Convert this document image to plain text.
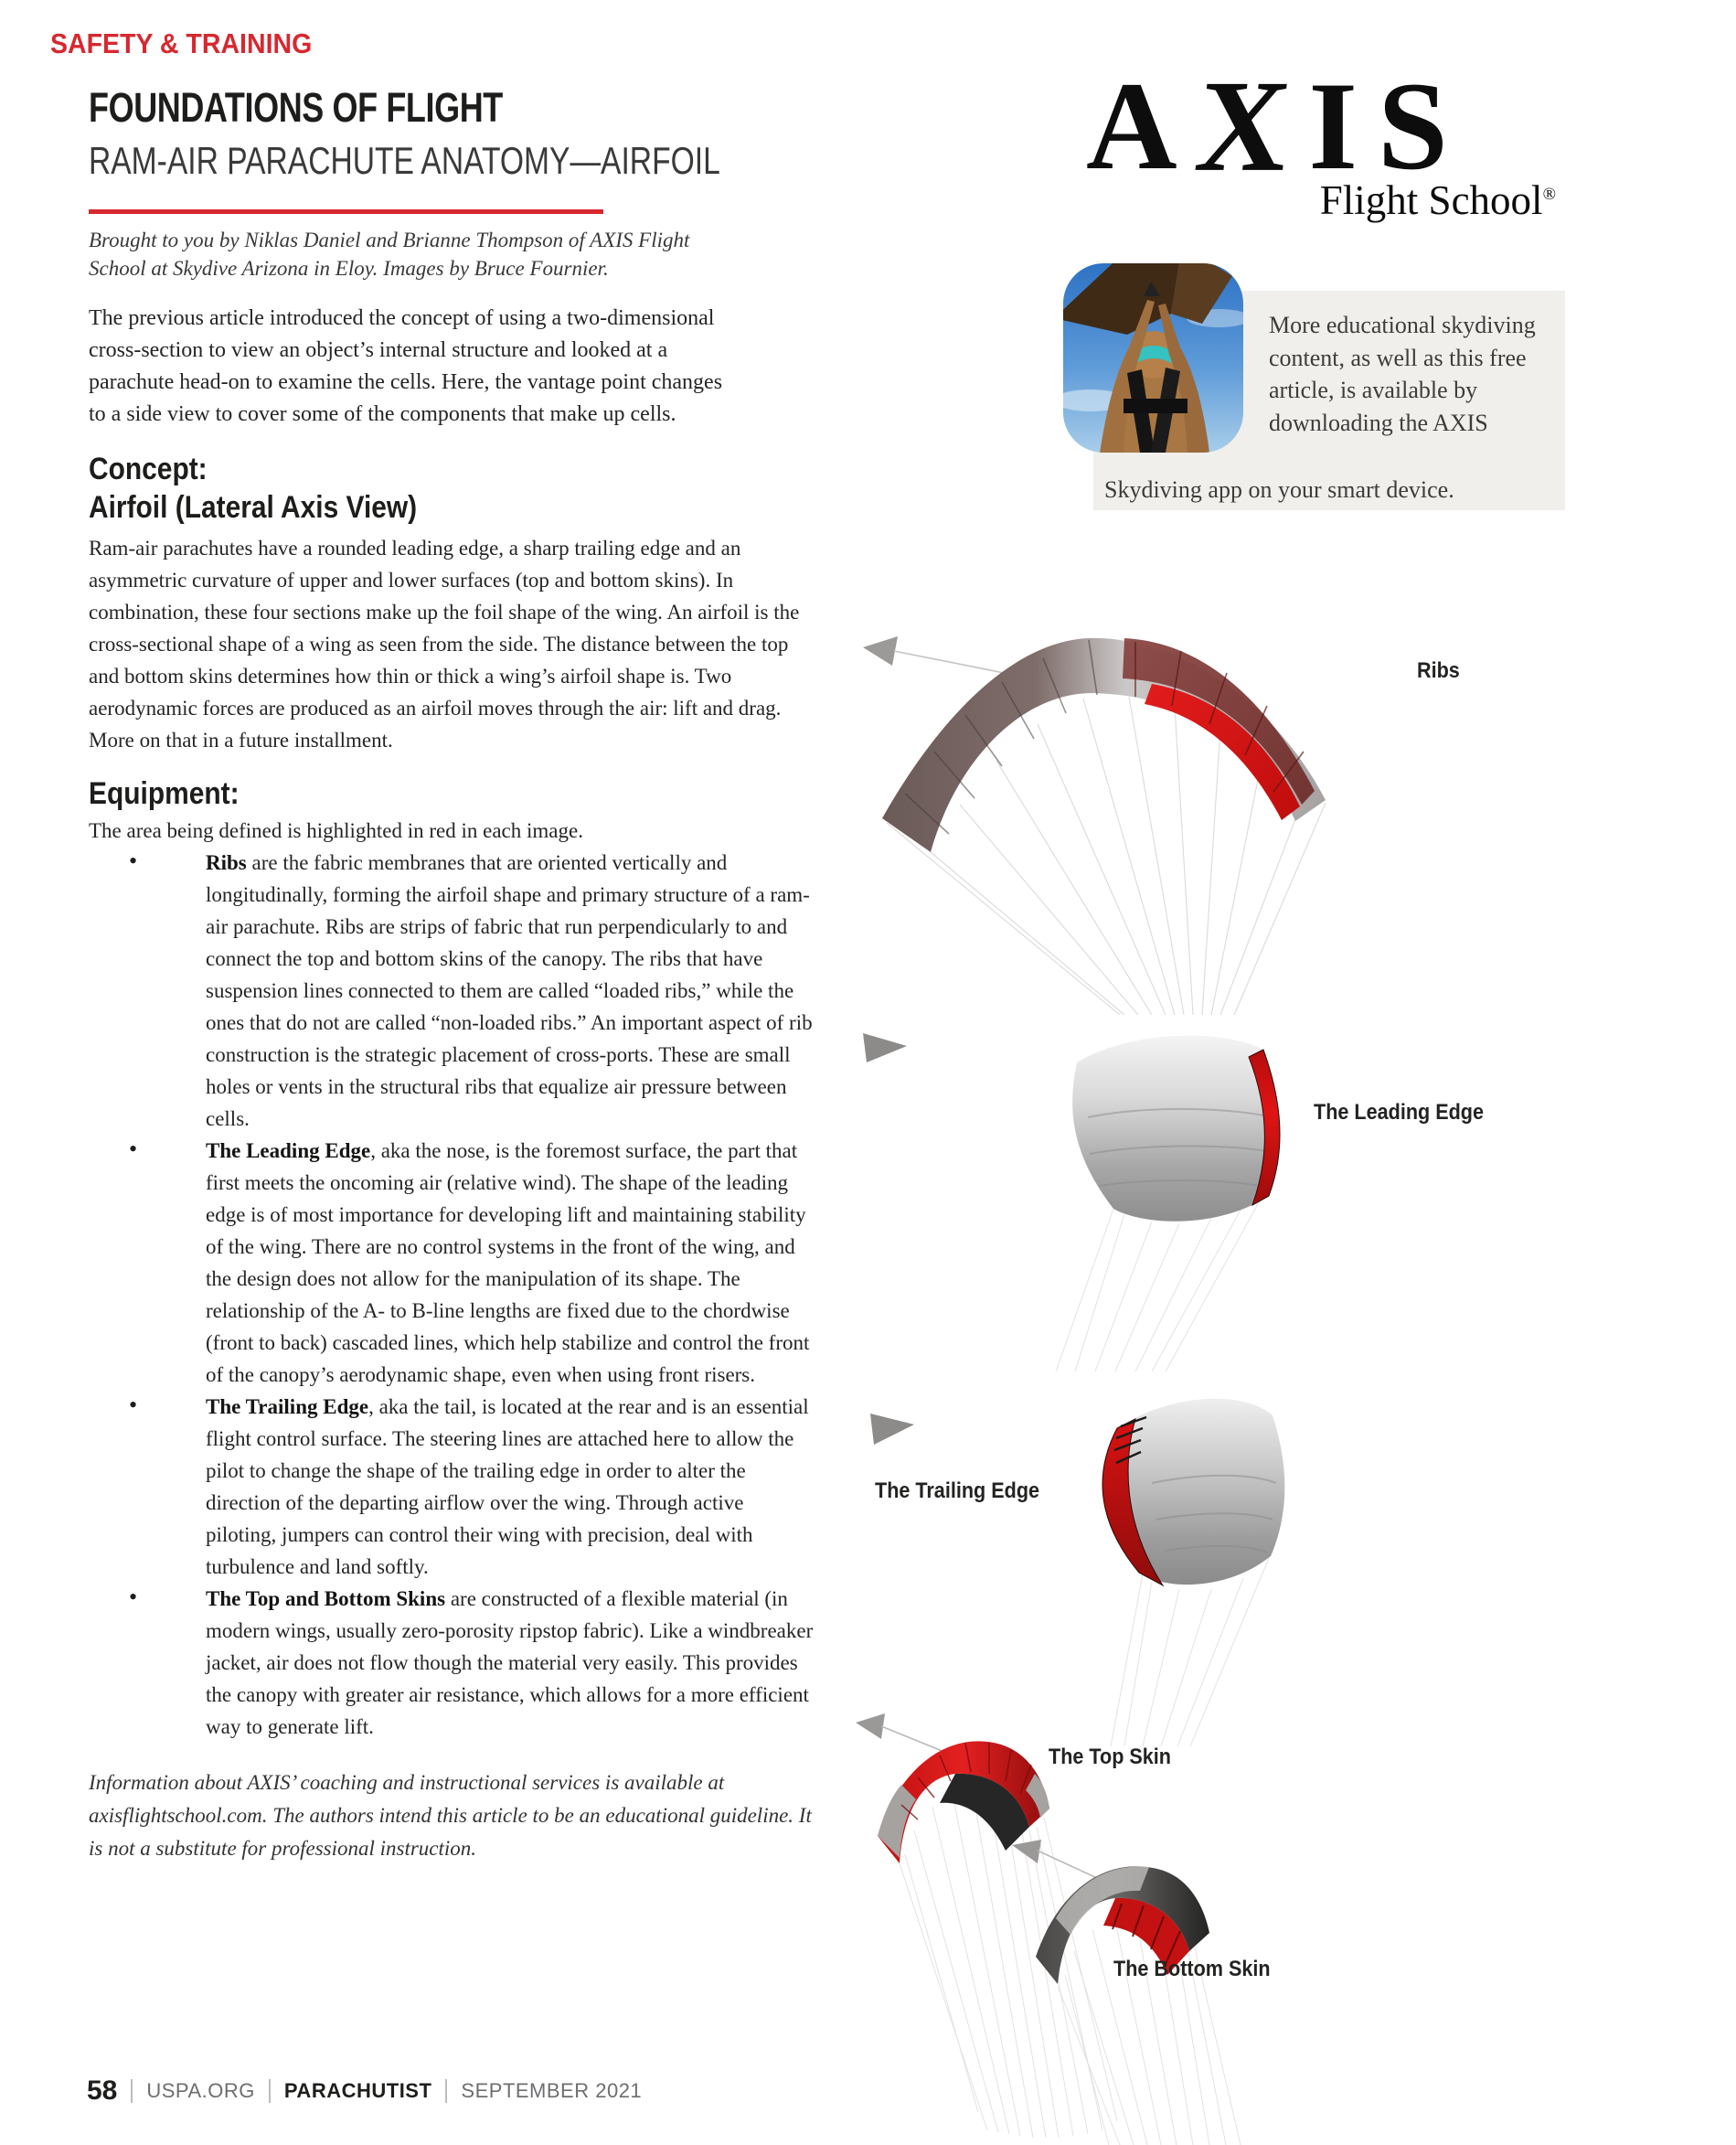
SAFETY & TRAINING
FOUNDATIONS OF FLIGHT
RAM-AIR PARACHUTE ANATOMY—AIRFOIL

Brought to you by Niklas Daniel and Brianne Thompson of AXIS Flight School at Skydive Arizona in Eloy. Images by Bruce Fournier.

The previous article introduced the concept of using a two-dimensional cross-section to view an object’s internal structure and looked at a parachute head-on to examine the cells. Here, the vantage point changes to a side view to cover some of the components that make up cells.

AXIS
Flight School®

More educational skydiving content, as well as this free article, is available by downloading the AXIS

Skydiving app on your smart device.

Concept:
Airfoil (Lateral Axis View)

Ram-air parachutes have a rounded leading edge, a sharp trailing edge and an asymmetric curvature of upper and lower surfaces (top and bottom skins). In combination, these four sections make up the foil shape of the wing. An airfoil is the cross-sectional shape of a wing as seen from the side. The distance between the top and bottom skins determines how thin or thick a wing’s airfoil shape is. Two aerodynamic forces are produced as an airfoil moves through the air: lift and drag. More on that in a future installment.

Equipment:

The area being defined is highlighted in red in each image.

•	Ribs are the fabric membranes that are oriented vertically and longitudinally, forming the airfoil shape and primary structure of a ram-air parachute. Ribs are strips of fabric that run perpendicularly to and connect the top and bottom skins of the canopy. The ribs that have suspension lines connected to them are called “loaded ribs,” while the ones that do not are called “non-loaded ribs.” An important aspect of rib construction is the strategic placement of cross-ports. These are small holes or vents in the structural ribs that equalize air pressure between cells.
•	The Leading Edge, aka the nose, is the foremost surface, the part that first meets the oncoming air (relative wind). The shape of the leading edge is of most importance for developing lift and maintaining stability of the wing. There are no control systems in the front of the wing, and the design does not allow for the manipulation of its shape. The relationship of the A- to B-line lengths are fixed due to the chordwise (front to back) cascaded lines, which help stabilize and control the front of the canopy’s aerodynamic shape, even when using front risers.
•	The Trailing Edge, aka the tail, is located at the rear and is an essential flight control surface. The steering lines are attached here to allow the pilot to change the shape of the trailing edge in order to alter the direction of the departing airflow over the wing. Through active piloting, jumpers can control their wing with precision, deal with turbulence and land softly.
•	The Top and Bottom Skins are constructed of a flexible material (in modern wings, usually zero-porosity ripstop fabric). Like a windbreaker jacket, air does not flow though the material very easily. This provides the canopy with greater air resistance, which allows for a more efficient way to generate lift.

Information about AXIS’ coaching and instructional services is available at axisflightschool.com. The authors intend this article to be an educational guideline. It is not a substitute for professional instruction.

58 USPA.ORG PARACHUTIST SEPTEMBER 2021
Ribs
The Leading Edge
The Trailing Edge
The Top Skin
The Bottom Skin
